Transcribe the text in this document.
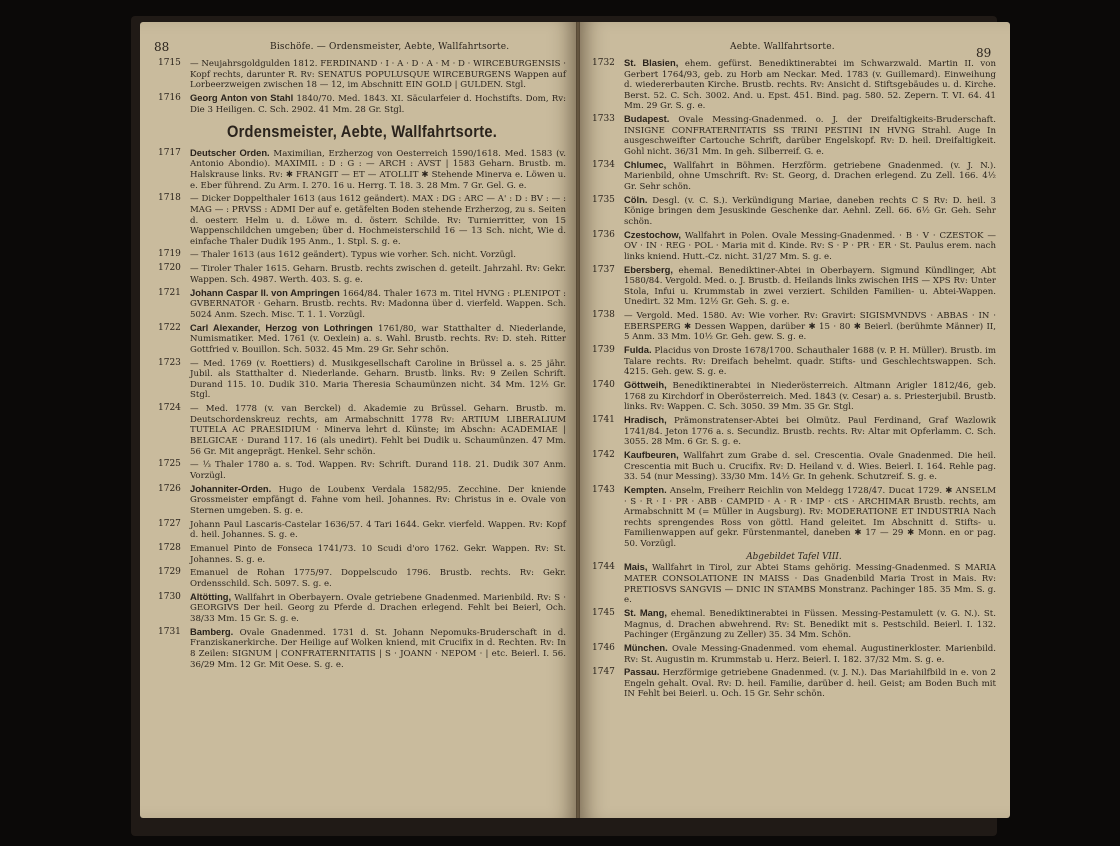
88	Bischöfe. — Ordensmeister, Aebte, Wallfahrtsorte.
1715	— Neujahrsgoldgulden 1812. FERDINAND · I · A · D · A · M · D · WIRCEBURGENSIS · Kopf rechts, darunter R. Rv: SENATUS POPULUSQUE WIRCEBURGENS Wappen auf Lorbeerzweigen zwischen 18 — 12, im Abschnitt EIN GOLD | GULDEN. Stgl.
1716 Georg Anton von Stahl 1840/70. Med. 1843. XI. Säcularfeier d. Hochstifts. Dom, Rv: Die 3 Heiligen. C. Sch. 2902. 41 Mm. 28 Gr. Stgl.
Ordensmeister, Aebte, Wallfahrtsorte.
1717 Deutscher Orden. Maximilian, Erzherzog von Oesterreich 1590/1618. Med. 1583 (v. Antonio Abondio). MAXIMIL : D : G : — ARCH : AVST | 1583 Geharn. Brustb. m. Halskrause links. Rv: ✱ FRANGIT — ET — ATOLLIT ✱ Stehende Minerva e. Löwen u. e. Eber führend. Zu Arm. I. 270. 16 u. Herrg. T. 18. 3. 28 Mm. 7 Gr. Gel. G. e.
1718	— Dicker Doppelthaler 1613 (aus 1612 geändert). MAX : DG : ARC — A' : D : BV : — : MAG — : PRVSS : ADMI Der auf e. getäfelten Boden stehende Erzherzog, zu s. Seiten d. oesterr. Helm u. d. Löwe m. d. österr. Schilde. Rv: Turnierritter, von 15 Wappenschildchen umgeben; über d. Hochmeisterschild 16 — 13 Sch. nicht, Wie d. einfache Thaler Dudik 195 Anm., 1. Stpl. S. g. e.
1719	— Thaler 1613 (aus 1612 geändert). Typus wie vorher. Sch. nicht. Vorzügl.
1720	— Tiroler Thaler 1615. Geharn. Brustb. rechts zwischen d. geteilt. Jahrzahl. Rv: Gekr. Wappen. Sch. 4987. Werth. 403. S. g. e.
1721 Johann Caspar II. von Ampringen 1664/84. Thaler 1673 m. Titel HVNG : PLENIPOT : GVBERNATOR · Geharn. Brustb. rechts. Rv: Madonna über d. vierfeld. Wappen. Sch. 5024 Anm. Szech. Misc. T. 1. 1. Vorzügl.
1722 Carl Alexander, Herzog von Lothringen 1761/80, war Statthalter d. Niederlande, Numismatiker. Med. 1761 (v. Oexlein) a. s. Wahl. Brustb. rechts. Rv: D. steh. Ritter Gottfried v. Bouillon. Sch. 5032. 45 Mm. 29 Gr. Sehr schön.
1723	— Med. 1769 (v. Roettiers) d. Musikgesellschaft Caroline in Brüssel a. s. 25 jähr. Jubil. als Statthalter d. Niederlande. Geharn. Brustb. links. Rv: 9 Zeilen Schrift. Durand 115. 10. Dudik 310. Maria Theresia Schaumünzen nicht. 34 Mm. 12½ Gr. Stgl.
1724	— Med. 1778 (v. van Berckel) d. Akademie zu Brüssel. Geharn. Brustb. m. Deutschordenskreuz rechts, am Armabschnitt 1778 Rv: ARTIUM LIBERALIUM TUTELA AC PRAESIDIUM · Minerva lehrt d. Künste; im Abschn: ACADEMIAE | BELGICAE · Durand 117. 16 (als unedirt). Fehlt bei Dudik u. Schaumünzen. 47 Mm. 56 Gr. Mit angeprägt. Henkel. Sehr schön.
1725	— ⅓ Thaler 1780 a. s. Tod. Wappen. Rv: Schrift. Durand 118. 21. Dudik 307 Anm. Vorzügl.
1726 Johanniter-Orden. Hugo de Loubenx Verdala 1582/95. Zecchine. Der kniende Grossmeister empfängt d. Fahne vom heil. Johannes. Rv: Christus in e. Ovale von Sternen umgeben. S. g. e.
1727	Johann Paul Lascaris-Castelar 1636/57. 4 Tari 1644. Gekr. vierfeld. Wappen. Rv: Kopf d. heil. Johannes. S. g. e.
1728	Emanuel Pinto de Fonseca 1741/73. 10 Scudi d'oro 1762. Gekr. Wappen. Rv: St. Johannes. S. g. e.
1729	Emanuel de Rohan 1775/97. Doppelscudo 1796. Brustb. rechts. Rv: Gekr. Ordensschild. Sch. 5097. S. g. e.
1730 Altötting, Wallfahrt in Oberbayern. Ovale getriebene Gnadenmed. Marienbild. Rv: S · GEORGIVS Der heil. Georg zu Pferde d. Drachen erlegend. Fehlt bei Beierl, Och. 38/33 Mm. 15 Gr. S. g. e.
1731 Bamberg. Ovale Gnadenmed. 1731 d. St. Johann Nepomuks-Bruderschaft in d. Franziskanerkirche. Der Heilige auf Wolken kniend, mit Crucifix in d. Rechten. Rv: In 8 Zeilen: SIGNUM | CONFRATERNITATIS | S · JOANN · NEPOM · | etc. Beierl. I. 56. 36/29 Mm. 12 Gr. Mit Oese. S. g. e.
Aebte. Wallfahrtsorte.	89
1732 St. Blasien, ehem. gefürst. Benediktinerabtei im Schwarzwald. Martin II. von Gerbert 1764/93, geb. zu Horb am Neckar. Med. 1783 (v. Guillemard). Einweihung d. wiedererbauten Kirche. Brustb. rechts. Rv: Ansicht d. Stiftsgebäudes u. d. Kirche. Berst. 52. C. Sch. 3002. And. u. Epst. 451. Bind. pag. 580. 52. Zepern. T. VI. 64. 41 Mm. 29 Gr. S. g. e.
1733 Budapest. Ovale Messing-Gnadenmed. o. J. der Dreifaltigkeits-Bruderschaft. INSIGNE CONFRATERNITATIS SS TRINI PESTINI IN HVNG Strahl. Auge In ausgeschweifter Cartouche Schrift, darüber Engelskopf. Rv: D. heil. Dreifaltigkeit. Gohl nicht. 36/31 Mm. In geh. Silberreif. G. e.
1734 Chlumec, Wallfahrt in Böhmen. Herzförm. getriebene Gnadenmed. (v. J. N.). Marienbild, ohne Umschrift. Rv: St. Georg, d. Drachen erlegend. Zu Zell. 166. 4½ Gr. Sehr schön.
1735 Cöln. Desgl. (v. C. S.). Verkündigung Mariae, daneben rechts C S Rv: D. heil. 3 Könige bringen dem Jesuskinde Geschenke dar. Aehnl. Zell. 66. 6½ Gr. Geh. Sehr schön.
1736 Czestochow, Wallfahrt in Polen. Ovale Messing-Gnadenmed. · B · V · CZESTOK — OV · IN · REG · POL · Maria mit d. Kinde. Rv: S · P · PR · ER · St. Paulus erem. nach links kniend. Hutt.-Cz. nicht. 31/27 Mm. S. g. e.
1737 Ebersberg, ehemal. Benediktiner-Abtei in Oberbayern. Sigmund Kündlinger, Abt 1580/84. Vergold. Med. o. J. Brustb. d. Heilands links zwischen IHS — XPS Rv: Unter Stola, Infui u. Krummstab in zwei verziert. Schilden Familien- u. Abtei-Wappen. Unedirt. 32 Mm. 12½ Gr. Geh. S. g. e.
1738	— Vergold. Med. 1580. Av: Wie vorher. Rv: Gravirt: SIGISMVNDVS · ABBAS · IN · EBERSPERG ✱ Dessen Wappen, darüber ✱ 15 · 80 ✱ Beierl. (berühmte Männer) II, 5 Anm. 33 Mm. 10½ Gr. Geh. gew. S. g. e.
1739 Fulda. Placidus von Droste 1678/1700. Schauthaler 1688 (v. P. H. Müller). Brustb. im Talare rechts. Rv: Dreifach behelmt. quadr. Stifts- und Geschlechtswappen. Sch. 4215. Geh. gew. S. g. e.
1740 Göttweih, Benediktinerabtei in Niederösterreich. Altmann Arigler 1812/46, geb. 1768 zu Kirchdorf in Oberösterreich. Med. 1843 (v. Cesar) a. s. Priesterjubil. Brustb. links. Rv: Wappen. C. Sch. 3050. 39 Mm. 35 Gr. Stgl.
1741 Hradisch, Prämonstratenser-Abtei bei Olmütz. Paul Ferdinand, Graf Wazlowik 1741/84. Jeton 1776 a. s. Secundiz. Brustb. rechts. Rv: Altar mit Opferlamm. C. Sch. 3055. 28 Mm. 6 Gr. S. g. e.
1742 Kaufbeuren, Wallfahrt zum Grabe d. sel. Crescentia. Ovale Gnadenmed. Die heil. Crescentia mit Buch u. Crucifix. Rv: D. Heiland v. d. Wies. Beierl. I. 164. Rehle pag. 33. 54 (nur Messing). 33/30 Mm. 14½ Gr. In gehenk. Schutzreif. S. g. e.
1743 Kempten. Anselm, Freiherr Reichlin von Meldegg 1728/47. Ducat 1729. ✱ ANSELM · S · R · I · PR · ABB · CAMPID · A · R · IMP · ctS · ARCHIMAR Brustb. rechts, am Armabschnitt M (= Müller in Augsburg). Rv: MODERATIONE ET INDUSTRIA Nach rechts sprengendes Ross von göttl. Hand geleitet. Im Abschnitt d. Stifts- u. Familienwappen auf gekr. Fürstenmantel, daneben ✱ 17 — 29 ✱ Monn. en or pag. 50. Vorzügl.
Abgebildet Tafel VIII.
1744 Mais, Wallfahrt in Tirol, zur Abtei Stams gehörig. Messing-Gnadenmed. S MARIA MATER CONSOLATIONE IN MAISS · Das Gnadenbild Maria Trost in Mais. Rv: PRETIOSVS SANGVIS — DNIC IN STAMBS Monstranz. Pachinger 185. 35 Mm. S. g. e.
1745 St. Mang, ehemal. Benediktinerabtei in Füssen. Messing-Pestamulett (v. G. N.). St. Magnus, d. Drachen abwehrend. Rv: St. Benedikt mit s. Pestschild. Beierl. I. 132. Pachinger (Ergänzung zu Zeller) 35. 34 Mm. Schön.
1746 München. Ovale Messing-Gnadenmed. vom ehemal. Augustinerkloster. Marienbild. Rv: St. Augustin m. Krummstab u. Herz. Beierl. I. 182. 37/32 Mm. S. g. e.
1747 Passau. Herzförmige getriebene Gnadenmed. (v. J. N.). Das Mariahilfbild in e. von 2 Engeln gehalt. Oval. Rv: D. heil. Familie, darüber d. heil. Geist; am Boden Buch mit IN Fehlt bei Beierl. u. Och. 15 Gr. Sehr schön.
